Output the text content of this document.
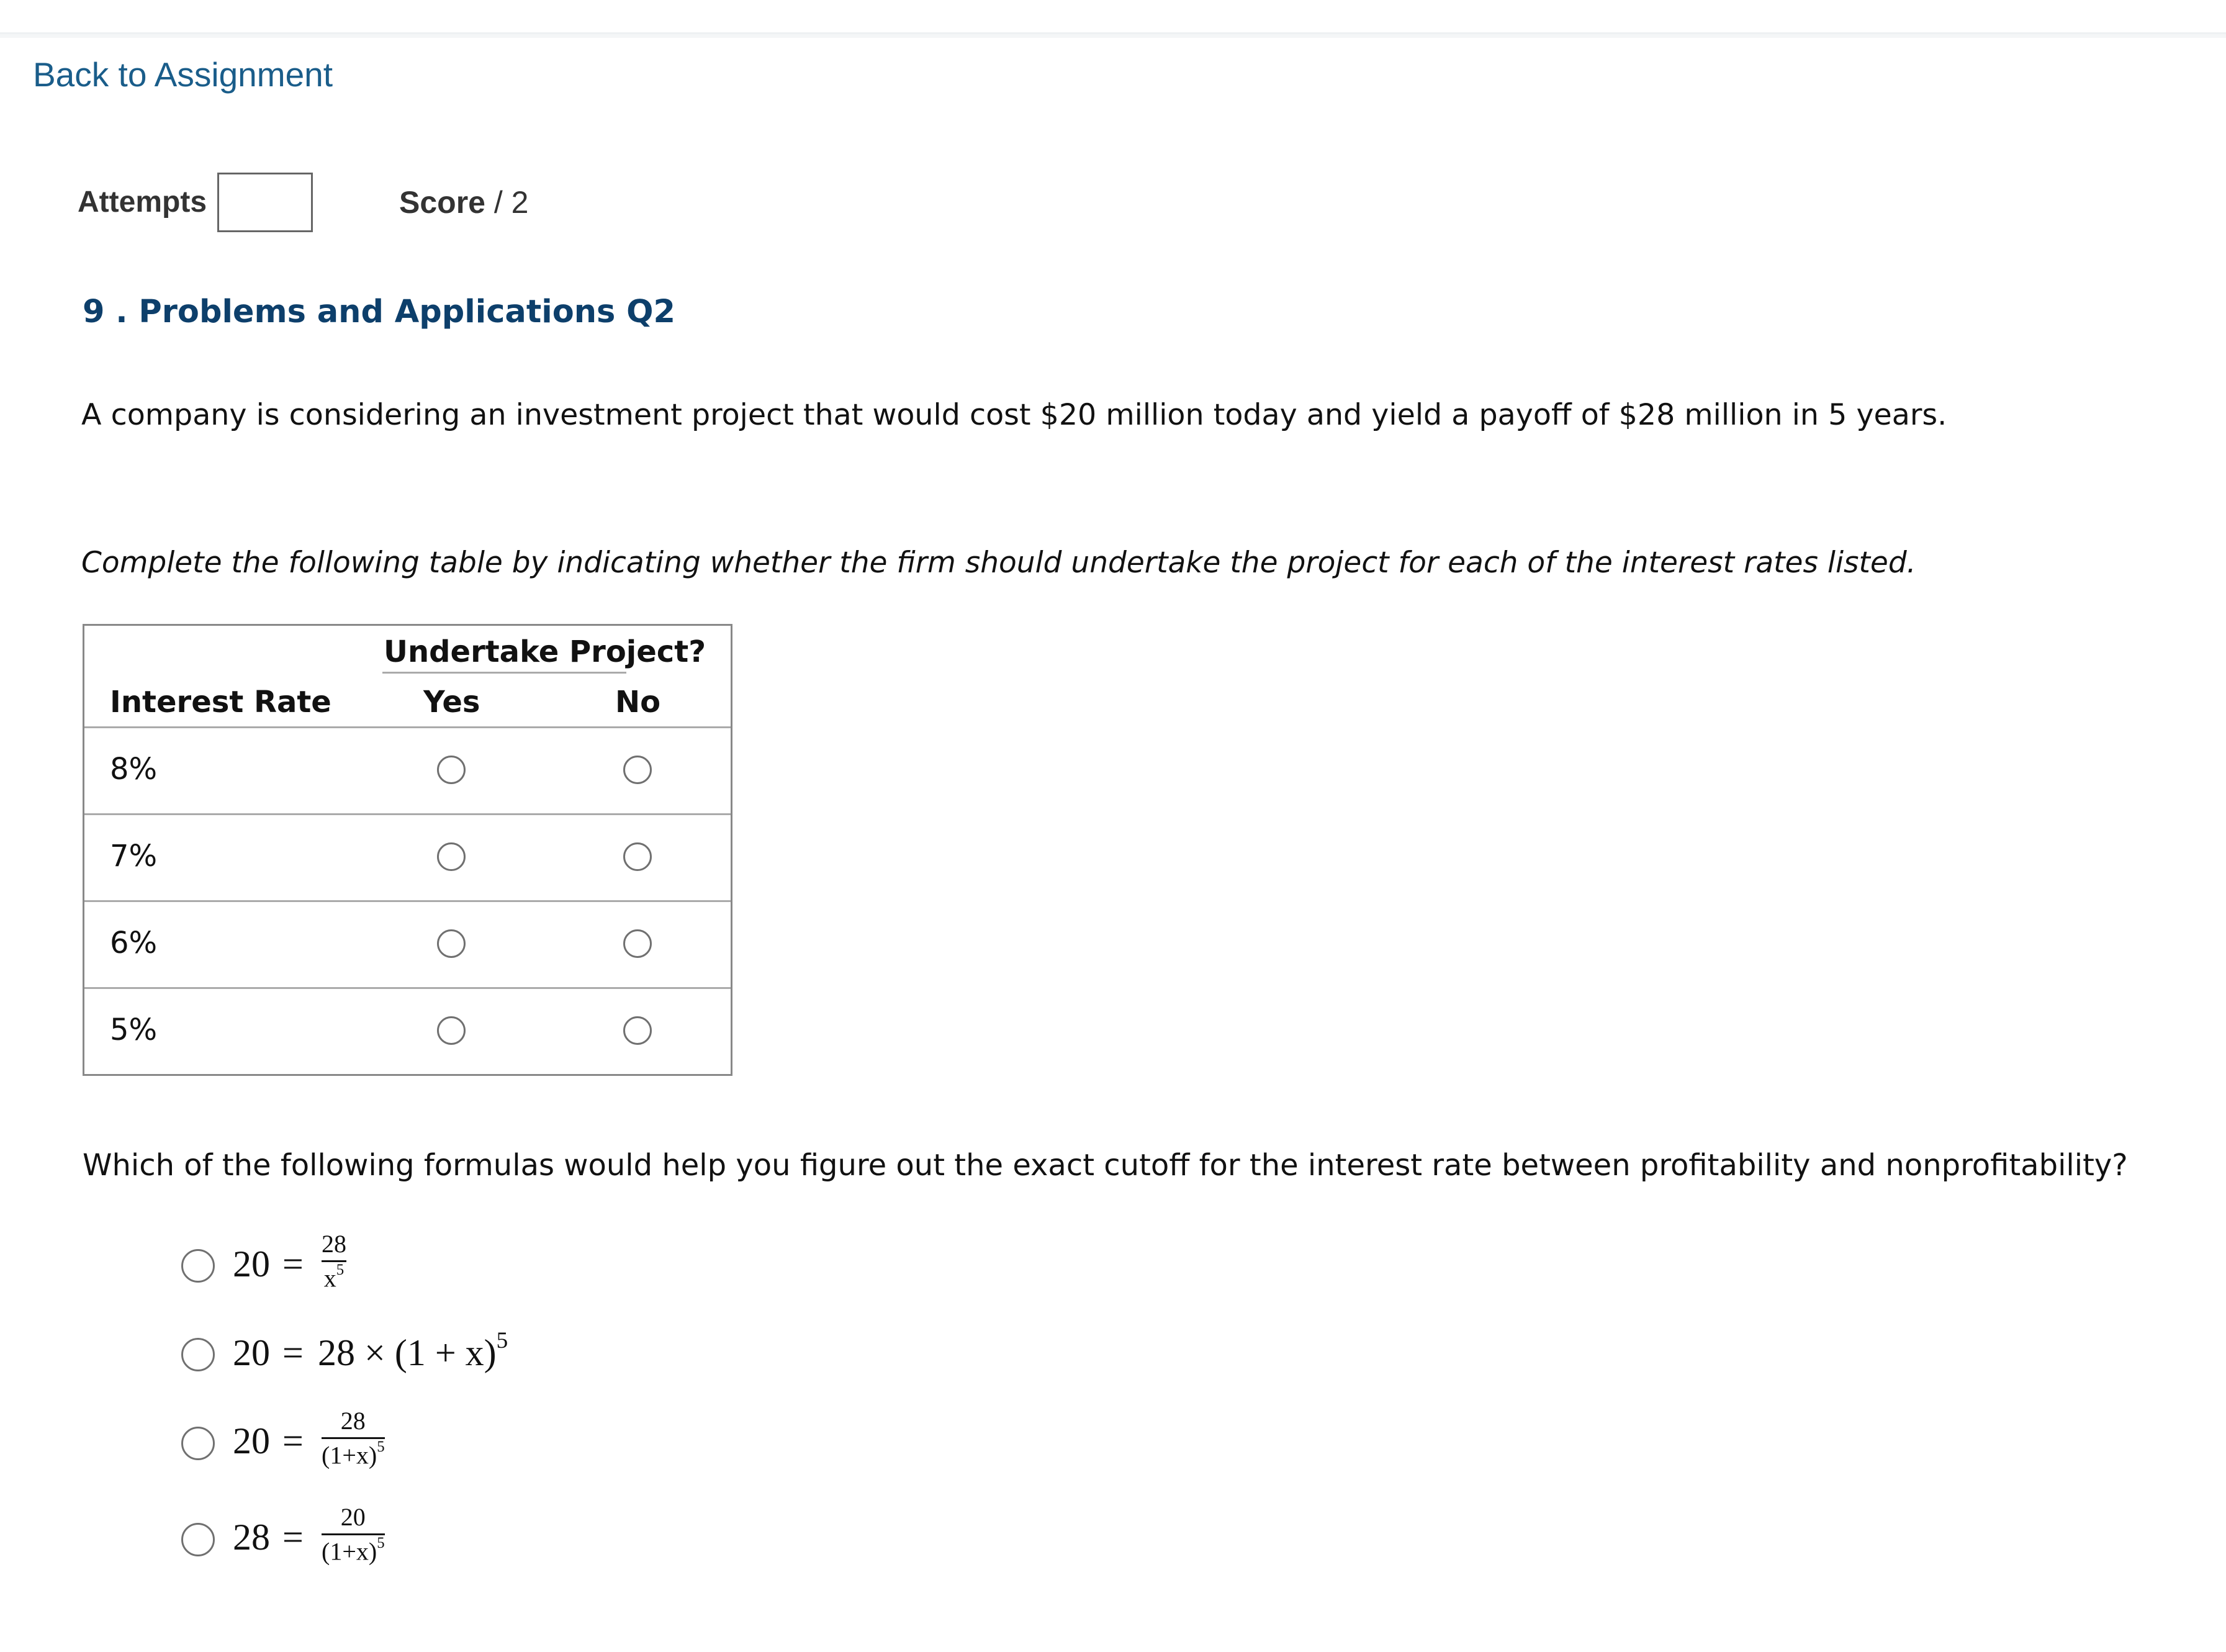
Back to Assignment
Attempts	Score / 2
9 . Problems and Applications Q2
A company is considering an investment project that would cost $20 million today and yield a payoff of $28 million in 5 years.
Complete the following table by indicating whether the firm should undertake the project for each of the interest rates listed.
Undertake Project?
Interest Rate	Yes	No
8%
7%
6%
5%
Which of the following formulas would help you figure out the exact cutoff for the interest rate between profitability and nonprofitability?
20 = 28
$x^5$
$20 = 28 \times (1 + x)^5$
20 = 28
$(1+x)^5$
28 = 20
$(1+x)^5$
